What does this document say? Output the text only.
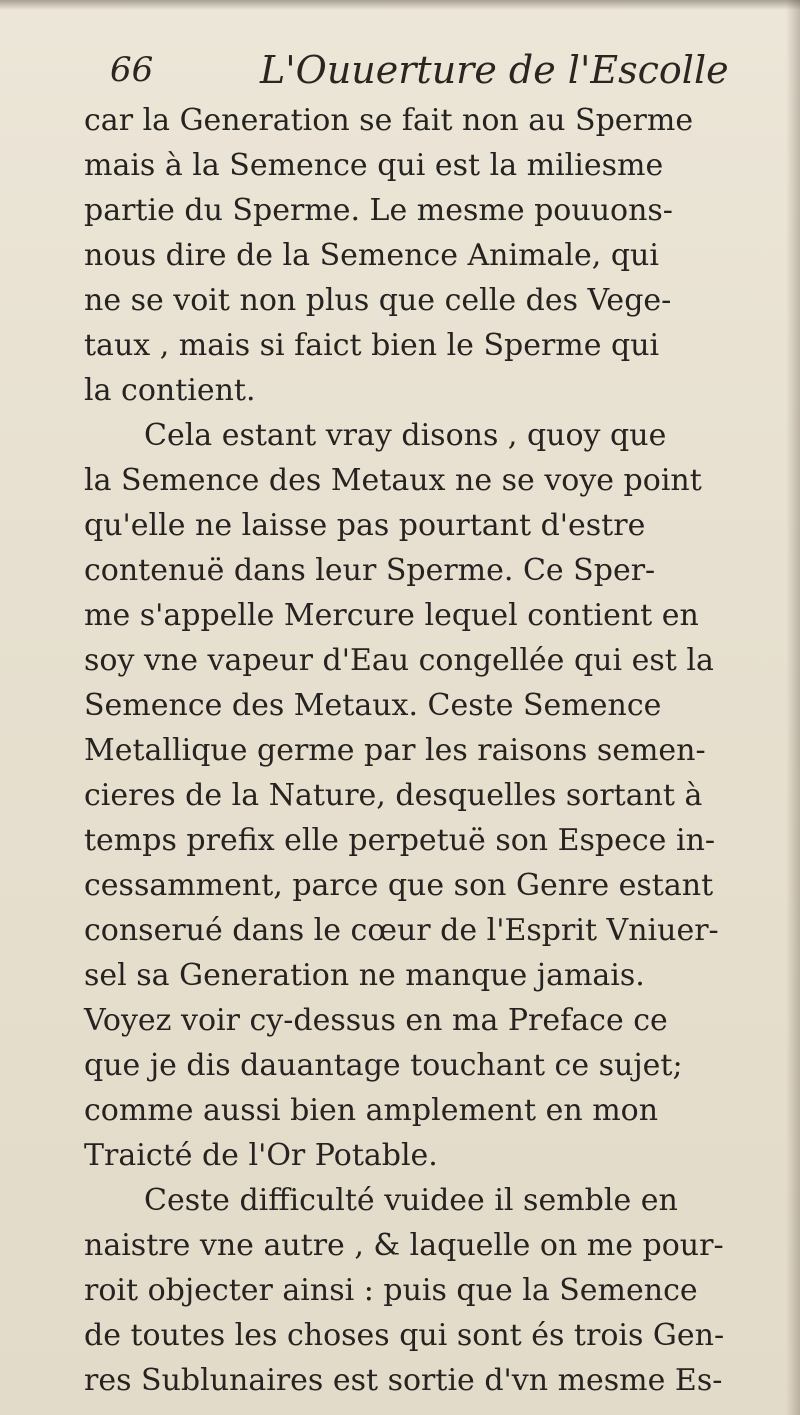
66	L'Ouuerture de l'Escolle
car la Generation se fait non au Sperme
mais à la Semence qui est la miliesme
partie du Sperme. Le mesme pouuons-
nous dire de la Semence Animale, qui
ne se voit non plus que celle des Vege-
taux , mais si faict bien le Sperme qui
la contient.
Cela estant vray disons , quoy que
la Semence des Metaux ne se voye point
qu'elle ne laisse pas pourtant d'estre
contenuë dans leur Sperme. Ce Sper-
me s'appelle Mercure lequel contient en
soy vne vapeur d'Eau congellée qui est la
Semence des Metaux. Ceste Semence
Metallique germe par les raisons semen-
cieres de la Nature, desquelles sortant à
temps prefix elle perpetuë son Espece in-
cessamment, parce que son Genre estant
conserué dans le cœur de l'Esprit Vniuer-
sel sa Generation ne manque jamais.
Voyez voir cy-dessus en ma Preface ce
que je dis dauantage touchant ce sujet;
comme aussi bien amplement en mon
Traicté de l'Or Potable.
Ceste difficulté vuidee il semble en
naistre vne autre , & laquelle on me pour-
roit objecter ainsi : puis que la Semence
de toutes les choses qui sont és trois Gen-
res Sublunaires est sortie d'vn mesme Es-
